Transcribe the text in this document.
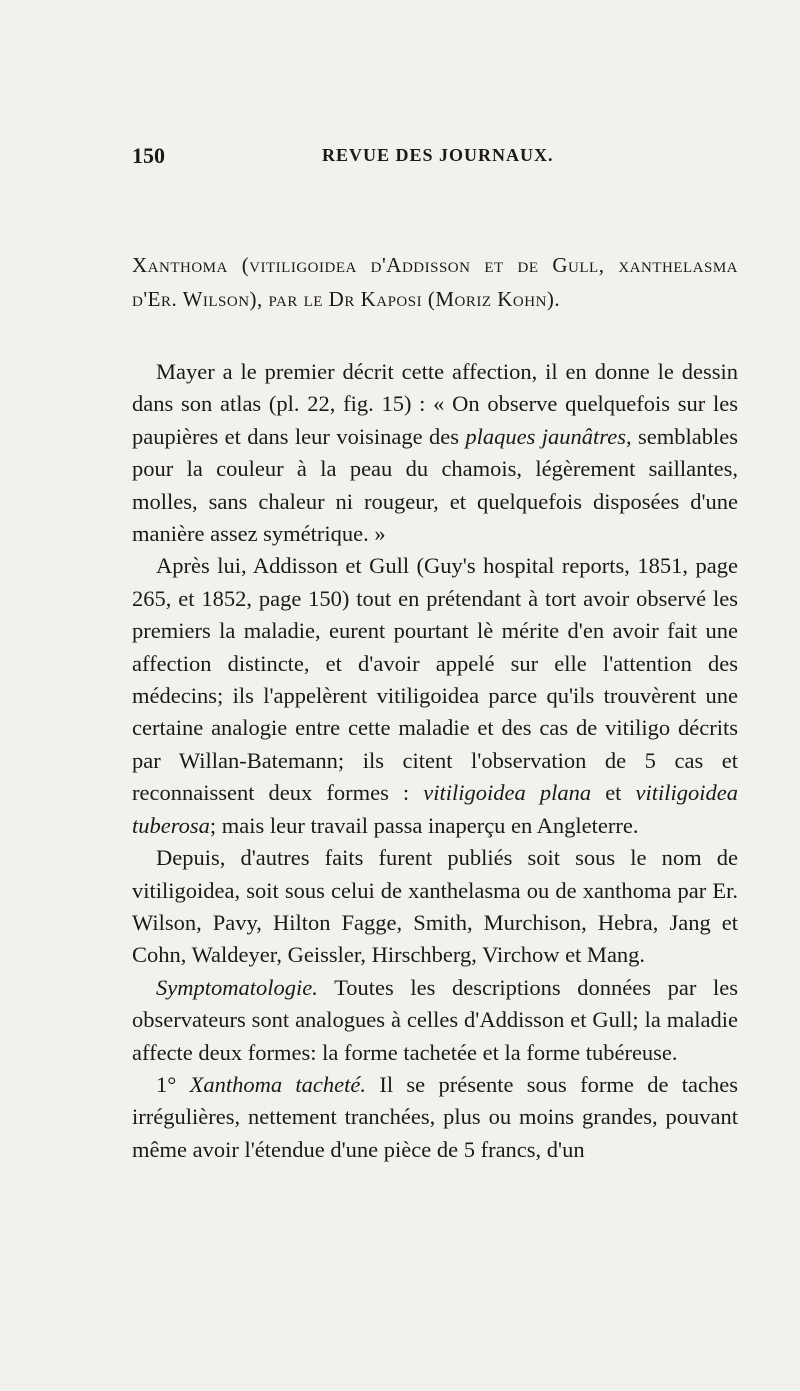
150	REVUE DES JOURNAUX.

Xanthoma (vitiligoidea d'Addisson et de Gull, xanthelasma d'Er. Wilson), par le Dr Kaposi (Moriz Kohn).

Mayer a le premier décrit cette affection, il en donne le dessin dans son atlas (pl. 22, fig. 15) : « On observe quelquefois sur les paupières et dans leur voisinage des plaques jaunâtres, semblables pour la couleur à la peau du chamois, légèrement saillantes, molles, sans chaleur ni rougeur, et quelquefois disposées d'une manière assez symétrique. »

Après lui, Addisson et Gull (Guy's hospital reports, 1851, page 265, et 1852, page 150) tout en prétendant à tort avoir observé les premiers la maladie, eurent pourtant lè mérite d'en avoir fait une affection distincte, et d'avoir appelé sur elle l'attention des médecins; ils l'appelèrent vitiligoidea parce qu'ils trouvèrent une certaine analogie entre cette maladie et des cas de vitiligo décrits par Willan-Batemann; ils citent l'observation de 5 cas et reconnaissent deux formes : vitiligoidea plana et vitiligoidea tuberosa; mais leur travail passa inaperçu en Angleterre.

Depuis, d'autres faits furent publiés soit sous le nom de vitiligoidea, soit sous celui de xanthelasma ou de xanthoma par Er. Wilson, Pavy, Hilton Fagge, Smith, Murchison, Hebra, Jang et Cohn, Waldeyer, Geissler, Hirschberg, Virchow et Mang.

Symptomatologie. Toutes les descriptions données par les observateurs sont analogues à celles d'Addisson et Gull; la maladie affecte deux formes: la forme tachetée et la forme tubéreuse.

1° Xanthoma tacheté. Il se présente sous forme de taches irrégulières, nettement tranchées, plus ou moins grandes, pouvant même avoir l'étendue d'une pièce de 5 francs, d'un
